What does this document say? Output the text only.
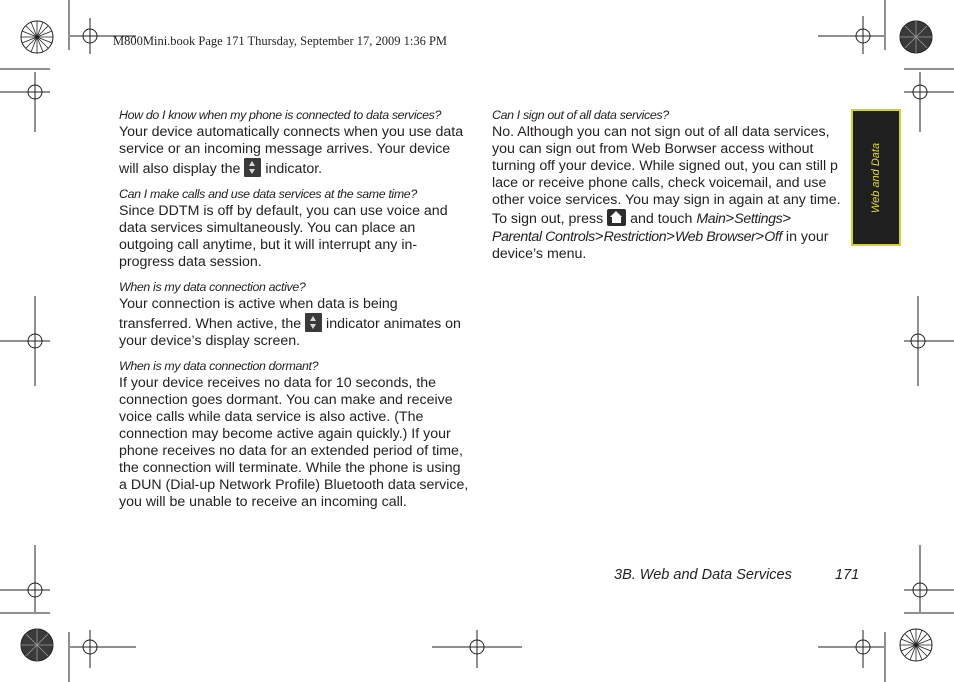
M800Mini.book Page 171 Thursday, September 17, 2009 1:36 PM

How do I know when my phone is connected to data services?

Your device automatically connects when you use data service or an incoming message arrives. Your device will also display the  indicator.

Can I make calls and use data services at the same time?

Since DDTM is off by default, you can use voice and data services simultaneously. You can place an outgoing call anytime, but it will interrupt any in-progress data session.

When is my data connection active?

Your connection is active when data is being transferred. When active, the  indicator animates on your device’s display screen.

When is my data connection dormant?

If your device receives no data for 10 seconds, the connection goes dormant. You can make and receive voice calls while data service is also active. (The connection may become active again quickly.) If your phone receives no data for an extended period of time, the connection will terminate. While the phone is using a DUN (Dial-up Network Profile) Bluetooth data service, you will be unable to receive an incoming call.

Can I sign out of all data services?

No. Although you can not sign out of all data services, you can sign out from Web Borwser access without turning off your device. While signed out, you can still p lace or receive phone calls, check voicemail, and use other voice services. You may sign in again at any time. To sign out, press  and touch Main>Settings> Parental Controls>Restriction>Web Browser>Off in your device’s menu.

Web and Data
3B. Web and Data Services	171
